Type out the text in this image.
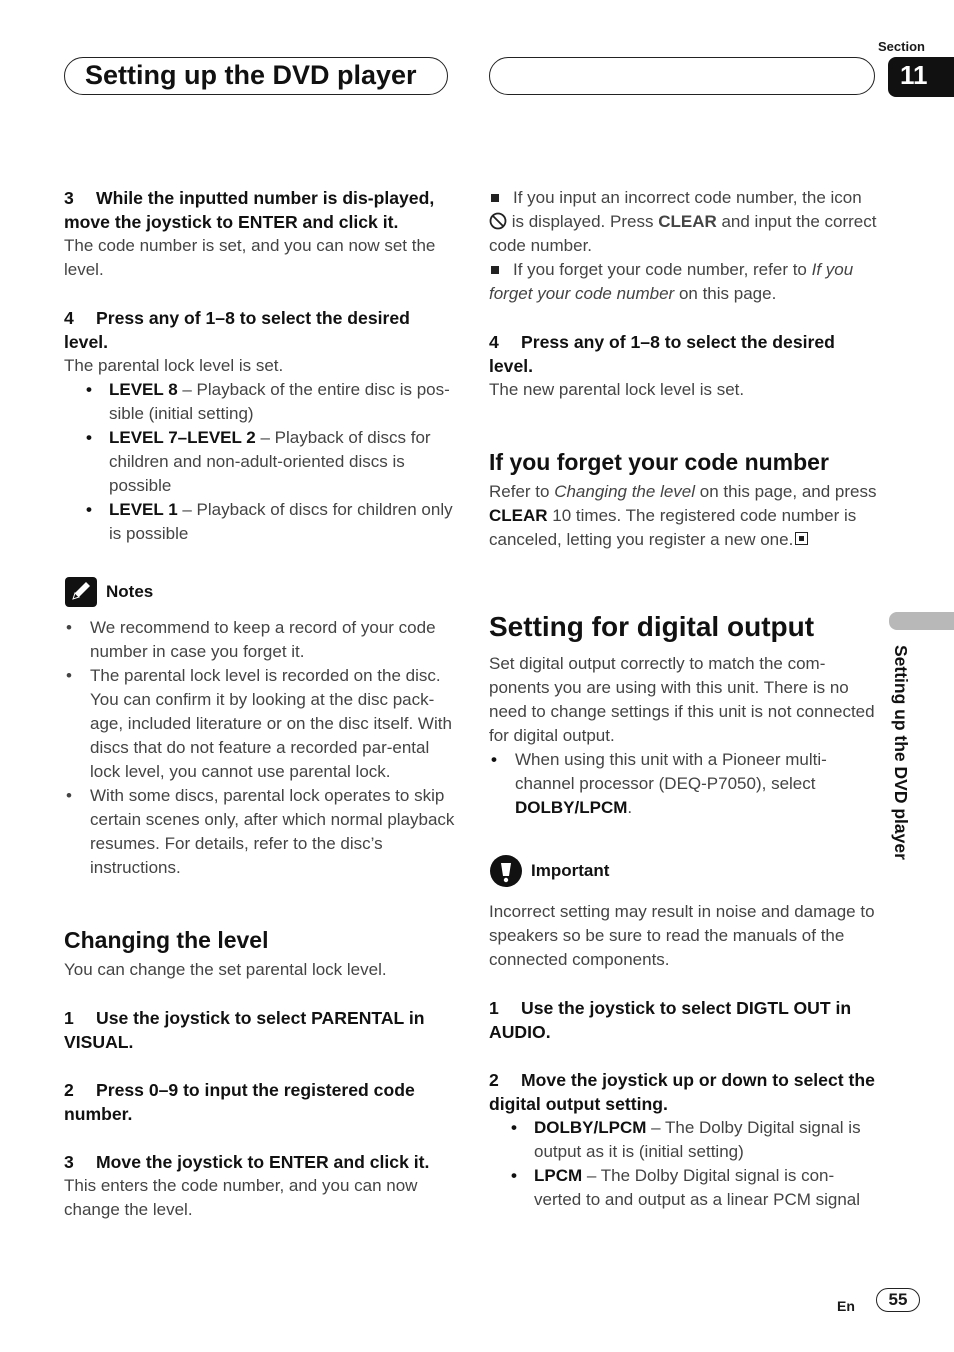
Setting up the DVD player
Section
11

3 While the inputted number is dis-played, move the joystick to ENTER and click it.

The code number is set, and you can now set the level.

4 Press any of 1–8 to select the desired level.

The parental lock level is set.

• LEVEL 8 – Playback of the entire disc is pos-sible (initial setting)
• LEVEL 7–LEVEL 2 – Playback of discs for children and non-adult-oriented discs is possible
• LEVEL 1 – Playback of discs for children only is possible
Notes
• We recommend to keep a record of your code number in case you forget it.
• The parental lock level is recorded on the disc. You can confirm it by looking at the disc pack-age, included literature or on the disc itself. With discs that do not feature a recorded par-ental lock level, you cannot use parental lock.
• With some discs, parental lock operates to skip certain scenes only, after which normal playback resumes. For details, refer to the disc’s instructions.
Changing the level

You can change the set parental lock level.

1 Use the joystick to select PARENTAL in VISUAL.

2 Press 0–9 to input the registered code number.

3 Move the joystick to ENTER and click it.

This enters the code number, and you can now change the level.

If you input an incorrect code number, the icon  is displayed. Press CLEAR and input the correct code number.
If you forget your code number, refer to If you forget your code number on this page.

4 Press any of 1–8 to select the desired level.

The new parental lock level is set.

If you forget your code number

Refer to Changing the level on this page, and press CLEAR 10 times. The registered code number is canceled, letting you register a new one.

Setting for digital output

Set digital output correctly to match the com-ponents you are using with this unit. There is no need to change settings if this unit is not connected for digital output.

• When using this unit with a Pioneer multi-channel processor (DEQ-P7050), select DOLBY/LPCM.
Important

Incorrect setting may result in noise and damage to speakers so be sure to read the manuals of the connected components.

1 Use the joystick to select DIGTL OUT in AUDIO.

2 Move the joystick up or down to select the digital output setting.

• DOLBY/LPCM – The Dolby Digital signal is output as it is (initial setting)
• LPCM – The Dolby Digital signal is con-verted to and output as a linear PCM signal
Setting up the DVD player
En	55
